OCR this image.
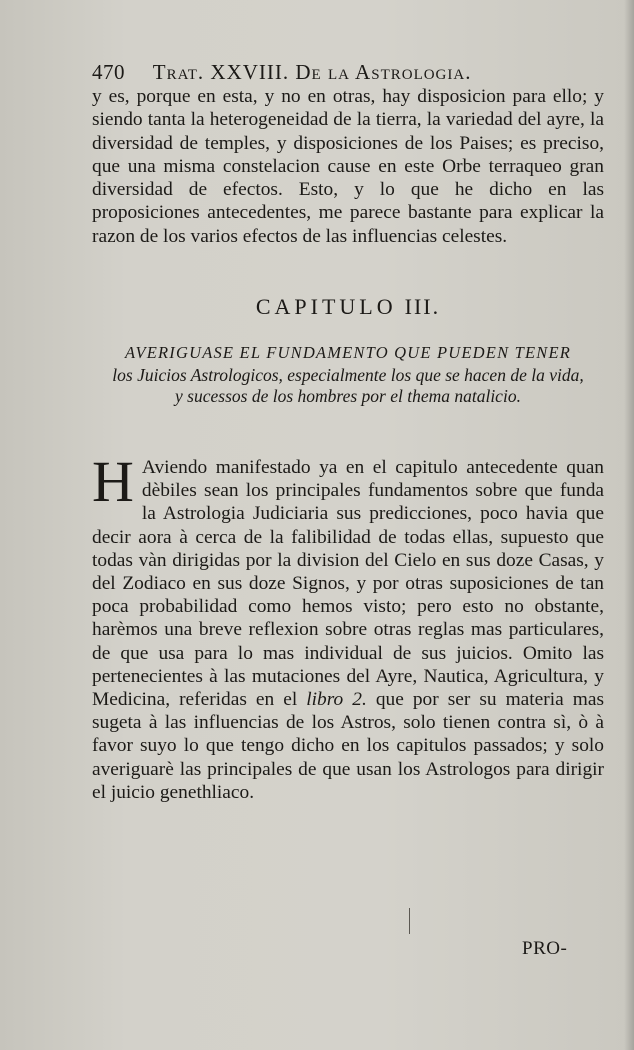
470 Trat. XXVIII. De la Astrologia.
y es, porque en esta, y no en otras, hay disposicion para ello; y siendo tanta la heterogeneidad de la tierra, la variedad del ayre, la diversidad de temples, y disposiciones de los Paises; es preciso, que una misma constelacion cause en este Orbe terraqueo gran diversidad de efectos. Esto, y lo que he dicho en las proposiciones antecedentes, me parece bastante para explicar la razon de los varios efectos de las influencias celestes.
CAPITULO III.
AVERIGUASE EL FUNDAMENTO QUE PUEDEN TENER
los Juicios Astrologicos, especialmente los que se hacen de la vida, y sucessos de los hombres por el thema natalicio.
H Aviendo manifestado ya en el capitulo antecedente quan dèbiles sean los principales fundamentos sobre que funda la Astrologia Judiciaria sus predicciones, poco havia que decir aora à cerca de la falibilidad de todas ellas, supuesto que todas vàn dirigidas por la division del Cielo en sus doze Casas, y del Zodiaco en sus doze Signos, y por otras suposiciones de tan poca probabilidad como hemos visto; pero esto no obstante, harèmos una breve reflexion sobre otras reglas mas particulares, de que usa para lo mas individual de sus juicios. Omito las pertenecientes à las mutaciones del Ayre, Nautica, Agricultura, y Medicina, referidas en el libro 2. que por ser su materia mas sugeta à las influencias de los Astros, solo tienen contra sì, ò à favor suyo lo que tengo dicho en los capitulos passados; y solo averiguarè las principales de que usan los Astrologos para dirigir el juicio genethliaco.
PRO-
